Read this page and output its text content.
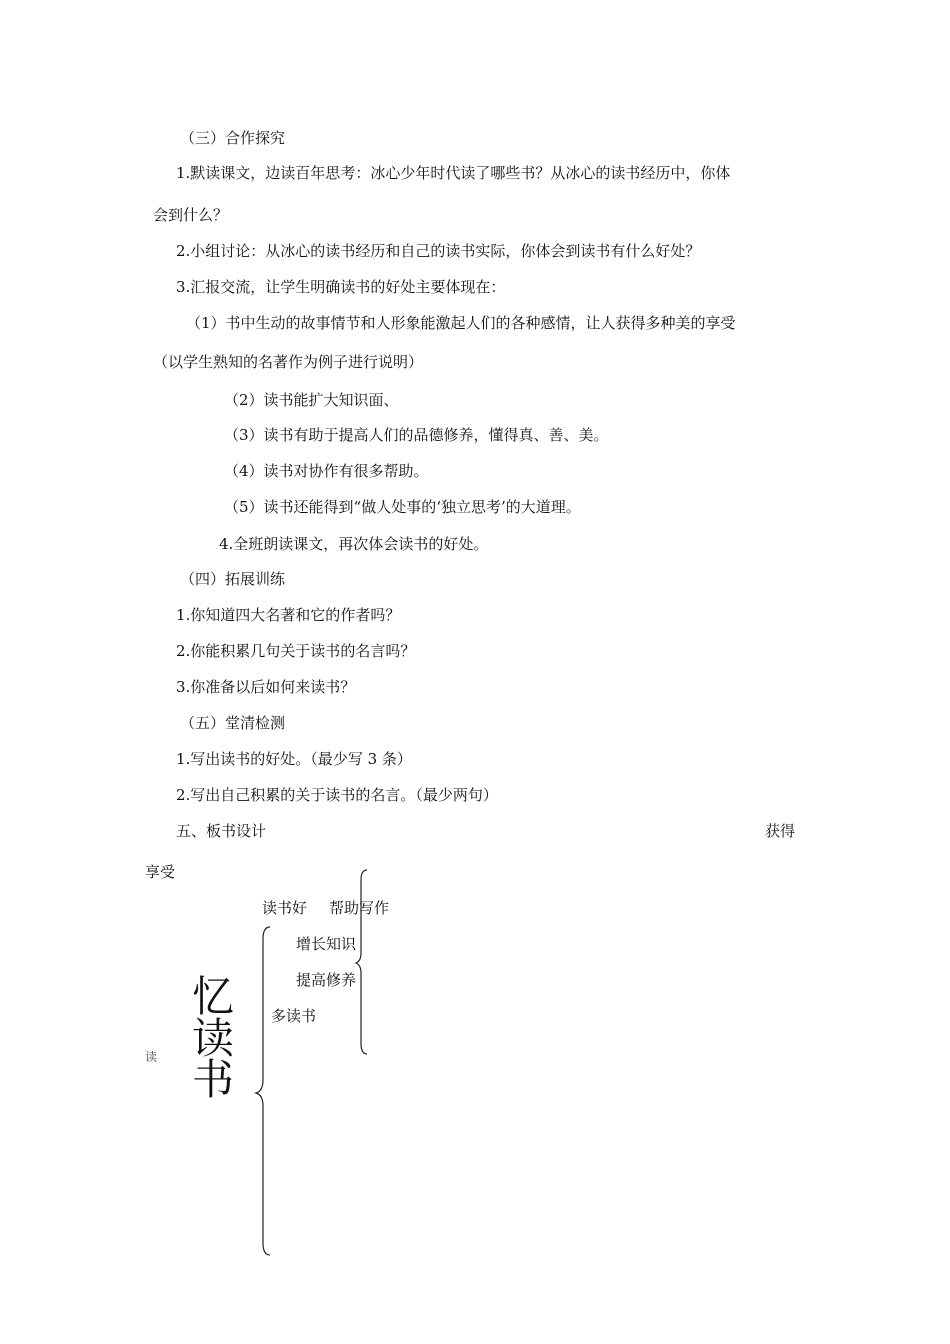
（三）合作探究
1.默读课文，边读百年思考：冰心少年时代读了哪些书？从冰心的读书经历中，你体
会到什么？
2.小组讨论：从冰心的读书经历和自己的读书实际，你体会到读书有什么好处？
3.汇报交流，让学生明确读书的好处主要体现在：
（1）书中生动的故事情节和人形象能激起人们的各种感情，让人获得多种美的享受
（以学生熟知的名著作为例子进行说明）
（2）读书能扩大知识面、
（3）读书有助于提高人们的品德修养，懂得真、善、美。
（4）读书对协作有很多帮助。
（5）读书还能得到“做人处事的‘独立思考’的大道理。
4.全班朗读课文，再次体会读书的好处。
（四）拓展训练
1.你知道四大名著和它的作者吗？
2.你能积累几句关于读书的名言吗？
3.你准备以后如何来读书？
（五）堂清检测
1.写出读书的好处。（最少写 3 条）
2.写出自己积累的关于读书的名言。（最少两句）
五、板书设计	获得
享受
读书好 帮助写作
增长知识
提高修养
多读书
忆
读
书
读
